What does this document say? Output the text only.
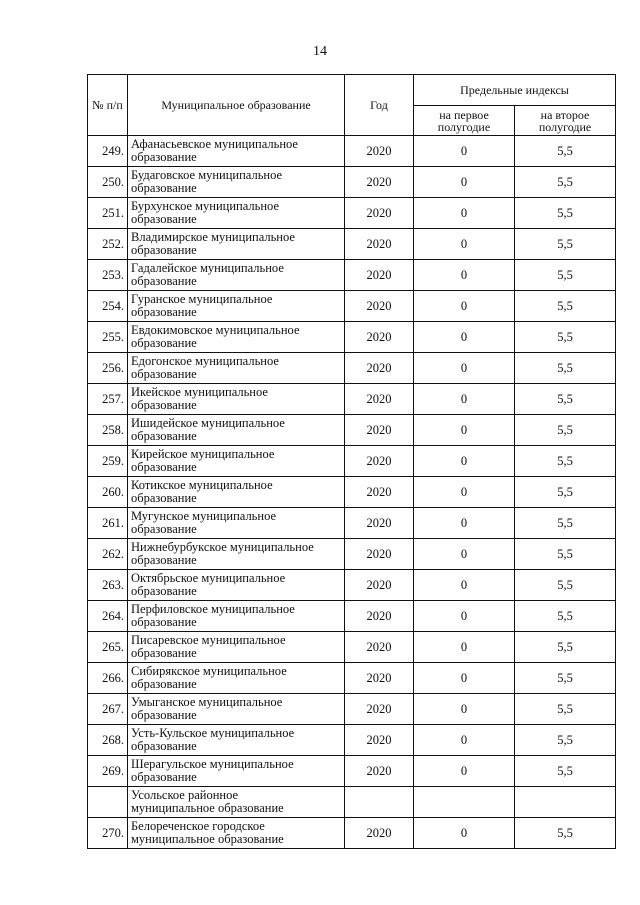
14
№ п/п	Муниципальное образование	Год	Предельные индексы	
			на первое полугодие	на второе полугодие
249.	Афанасьевское муниципальное
образование	2020	0	5,5
250.	Будаговское муниципальное
образование	2020	0	5,5
251.	Бурхунское муниципальное
образование	2020	0	5,5
252.	Владимирское муниципальное
образование	2020	0	5,5
253.	Гадалейское муниципальное
образование	2020	0	5,5
254.	Гуранское муниципальное
образование	2020	0	5,5
255.	Евдокимовское муниципальное
образование	2020	0	5,5
256.	Едогонское муниципальное
образование	2020	0	5,5
257.	Икейское муниципальное
образование	2020	0	5,5
258.	Ишидейское муниципальное
образование	2020	0	5,5
259.	Кирейское муниципальное
образование	2020	0	5,5
260.	Котикское муниципальное
образование	2020	0	5,5
261.	Мугунское муниципальное
образование	2020	0	5,5
262.	Нижнебурбукское муниципальное
образование	2020	0	5,5
263.	Октябрьское муниципальное
образование	2020	0	5,5
264.	Перфиловское муниципальное
образование	2020	0	5,5
265.	Писаревское муниципальное
образование	2020	0	5,5
266.	Сибирякское муниципальное
образование	2020	0	5,5
267.	Умыганское муниципальное
образование	2020	0	5,5
268.	Усть-Кульское муниципальное
образование	2020	0	5,5
269.	Шерагульское муниципальное
образование	2020	0	5,5

	Усольское районное
муниципальное образование			

270.	Белореченское городское
муниципальное образование	2020	0	5,5
